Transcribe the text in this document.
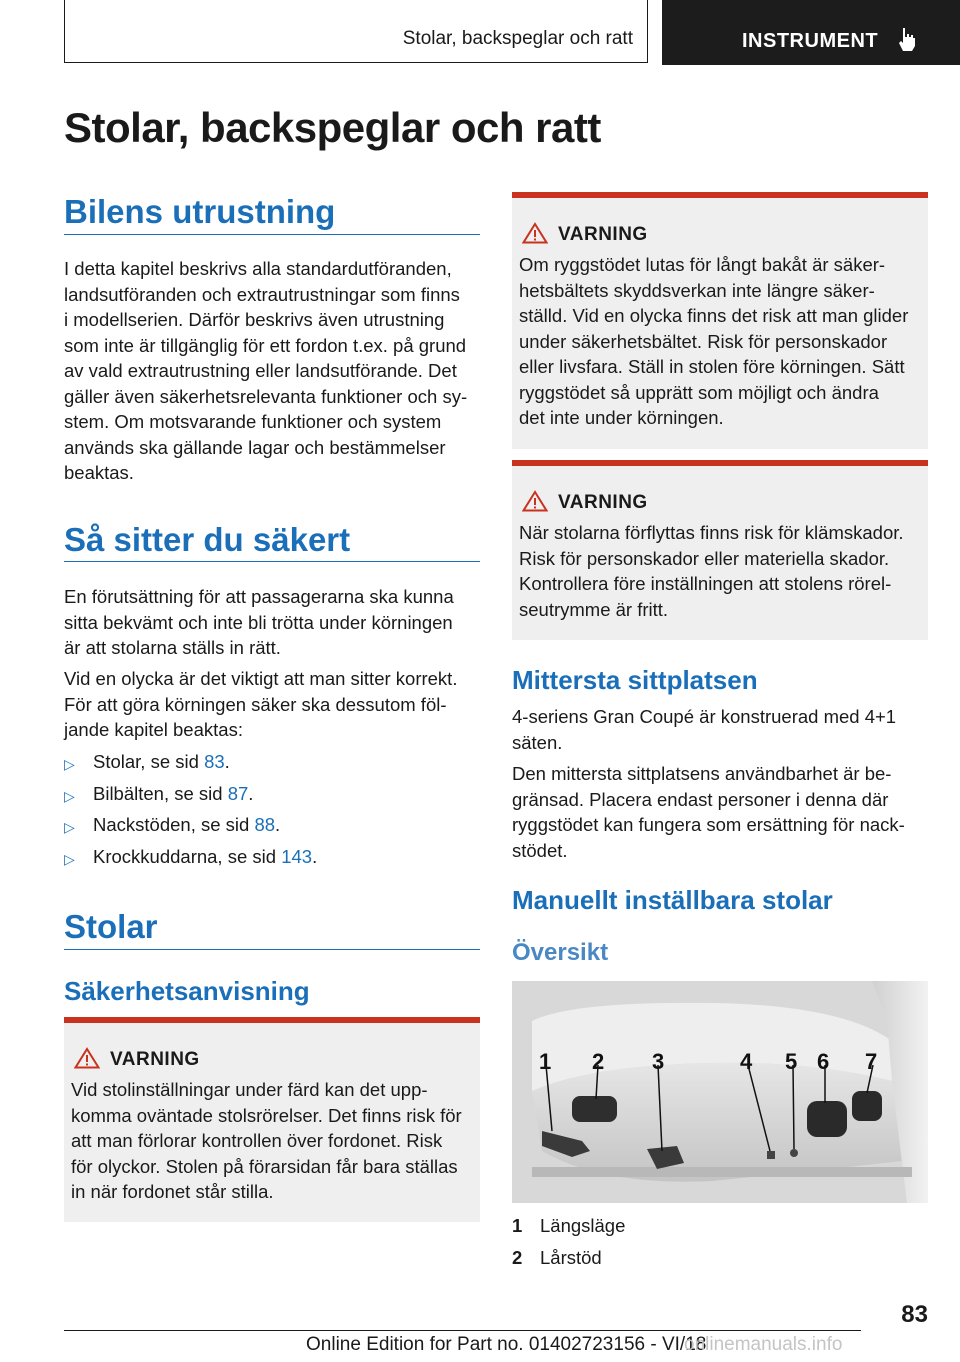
Stolar, backspeglar och ratt	INSTRUMENT
Stolar, backspeglar och ratt
Bilens utrustning

I detta kapitel beskrivs alla standardutföranden,
landsutföranden och extrautrustningar som finns
i modellserien. Därför beskrivs även utrustning
som inte är tillgänglig för ett fordon t.ex. på grund
av vald extrautrustning eller landsutförande. Det
gäller även säkerhetsrelevanta funktioner och sy-
stem. Om motsvarande funktioner och system
används ska gällande lagar och bestämmelser
beaktas.

Så sitter du säkert

En förutsättning för att passagerarna ska kunna
sitta bekvämt och inte bli trötta under körningen
är att stolarna ställs in rätt.

Vid en olycka är det viktigt att man sitter korrekt.
För att göra körningen säker ska dessutom föl-
jande kapitel beaktas:

▷ Stolar, se sid 83.
▷ Bilbälten, se sid 87.
▷ Nackstöden, se sid 88.
▷ Krockkuddarna, se sid 143.
Stolar
Säkerhetsanvisning
VARNING

Vid stolinställningar under färd kan det upp-
komma oväntade stolsrörelser. Det finns risk för
att man förlorar kontrollen över fordonet. Risk
för olyckor. Stolen på förarsidan får bara ställas
in när fordonet står stilla.

VARNING

Om ryggstödet lutas för långt bakåt är säker-
hetsbältets skyddsverkan inte längre säker-
ställd. Vid en olycka finns det risk att man glider
under säkerhetsbältet. Risk för personskador
eller livsfara. Ställ in stolen före körningen. Sätt
ryggstödet så upprätt som möjligt och ändra
det inte under körningen.

VARNING

När stolarna förflyttas finns risk för klämskador.
Risk för personskador eller materiella skador.
Kontrollera före inställningen att stolens rörel-
seutrymme är fritt.

Mittersta sittplatsen

4-seriens Gran Coupé är konstruerad med 4+1
säten.

Den mittersta sittplatsens användbarhet är be-
gränsad. Placera endast personer i denna där
ryggstödet kan fungera som ersättning för nack-
stödet.

Manuellt inställbara stolar
Översikt
1 2 3	4 5 6 7
1 Längsläge
2 Lårstöd
83
Online Edition for Part no. 01402723156 - VI/18
onlinemanuals.info
